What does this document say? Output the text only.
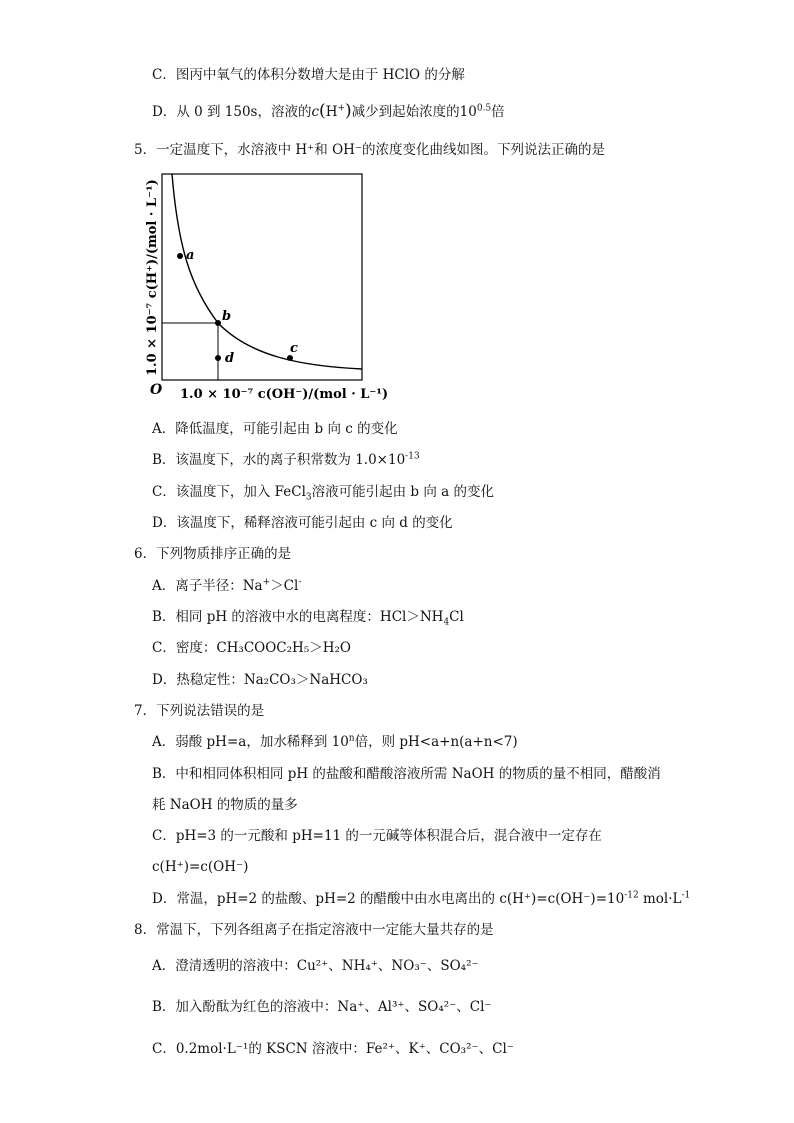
C．图丙中氧气的体积分数增大是由于 HClO 的分解
D．从 0 到 150s，溶液的c(H+)减少到起始浓度的$10^{0.5}$倍
5．一定温度下，水溶液中 H⁺和 OH⁻的浓度变化曲线如图。下列说法正确的是
a
b
c
d
O 1.0 × 10⁻⁷ c(OH⁻)/(mol · L⁻¹)
1.0 × 10⁻⁷ c(H⁺)/(mol · L⁻¹)
A．降低温度，可能引起由 b 向 c 的变化
B．该温度下，水的离子积常数为 $1.0\times 10^{-13}$
C．该温度下，加入 FeCl$_3$溶液可能引起由 b 向 a 的变化
D．该温度下，稀释溶液可能引起由 c 向 d 的变化
6．下列物质排序正确的是
A．离子半径：Na+＞Cl-
B．相同 pH 的溶液中水的电离程度：$HCl>NH_4Cl$
C．密度：CH₃COOC₂H₅＞H₂O
D．热稳定性：Na₂CO₃＞NaHCO₃
7．下列说法错误的是
A．弱酸 pH=a，加水稀释到 10$^n$倍，则 pH<a+n(a+n<7)
B．中和相同体积相同 pH 的盐酸和醋酸溶液所需 NaOH 的物质的量不相同，醋酸消
耗 NaOH 的物质的量多
C．pH=3 的一元酸和 pH=11 的一元碱等体积混合后，混合液中一定存在
c(H⁺)=c(OH⁻)
D．常温，pH=2 的盐酸、pH=2 的醋酸中由水电离出的 $c(H^+)=c(OH^-)=10^{-12}$ $mol\cdot L^{-1}$
8．常温下，下列各组离子在指定溶液中一定能大量共存的是
A．澄清透明的溶液中：Cu²⁺、NH₄⁺、NO₃⁻、SO₄²⁻
B．加入酚酞为红色的溶液中：Na⁺、Al³⁺、SO₄²⁻、Cl⁻
C．0.2mol·L⁻¹的 KSCN 溶液中：Fe²⁺、K⁺、CO₃²⁻、Cl⁻
